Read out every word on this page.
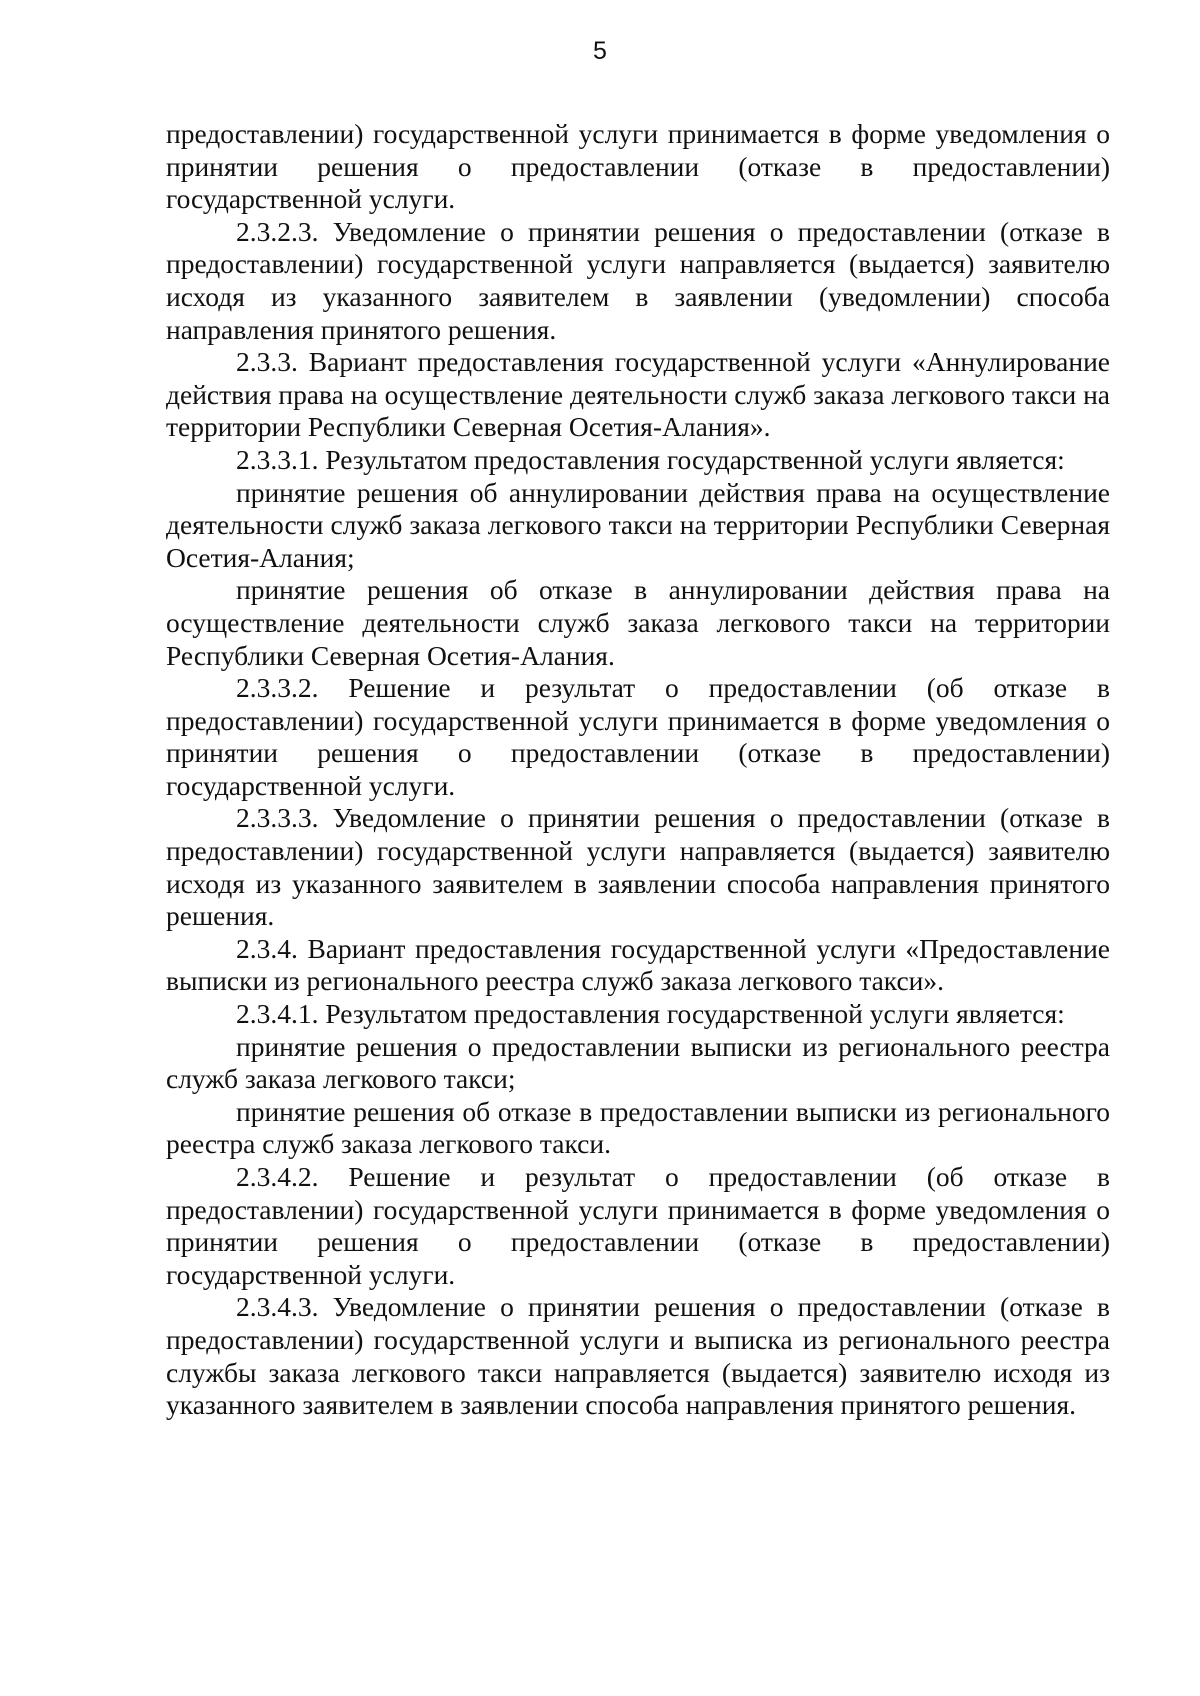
5

предоставлении) государственной услуги принимается в форме уведомления о принятии решения о предоставлении (отказе в предоставлении) государственной услуги.

2.3.2.3. Уведомление о принятии решения о предоставлении (отказе в предоставлении) государственной услуги направляется (выдается) заявителю исходя из указанного заявителем в заявлении (уведомлении) способа направления принятого решения.

2.3.3. Вариант предоставления государственной услуги «Аннулирование действия права на осуществление деятельности служб заказа легкового такси на территории Республики Северная Осетия-Алания».

2.3.3.1. Результатом предоставления государственной услуги является:

принятие решения об аннулировании действия права на осуществление деятельности служб заказа легкового такси на территории Республики Северная Осетия-Алания;

принятие решения об отказе в аннулировании действия права на осуществление деятельности служб заказа легкового такси на территории Республики Северная Осетия-Алания.

2.3.3.2. Решение и результат о предоставлении (об отказе в предоставлении) государственной услуги принимается в форме уведомления о принятии решения о предоставлении (отказе в предоставлении) государственной услуги.

2.3.3.3. Уведомление о принятии решения о предоставлении (отказе в предоставлении) государственной услуги направляется (выдается) заявителю исходя из указанного заявителем в заявлении способа направления принятого решения.

2.3.4. Вариант предоставления государственной услуги «Предоставление выписки из регионального реестра служб заказа легкового такси».

2.3.4.1. Результатом предоставления государственной услуги является:

принятие решения о предоставлении выписки из регионального реестра служб заказа легкового такси;

принятие решения об отказе в предоставлении выписки из регионального реестра служб заказа легкового такси.

2.3.4.2. Решение и результат о предоставлении (об отказе в предоставлении) государственной услуги принимается в форме уведомления о принятии решения о предоставлении (отказе в предоставлении) государственной услуги.

2.3.4.3. Уведомление о принятии решения о предоставлении (отказе в предоставлении) государственной услуги и выписка из регионального реестра службы заказа легкового такси направляется (выдается) заявителю исходя из указанного заявителем в заявлении способа направления принятого решения.
